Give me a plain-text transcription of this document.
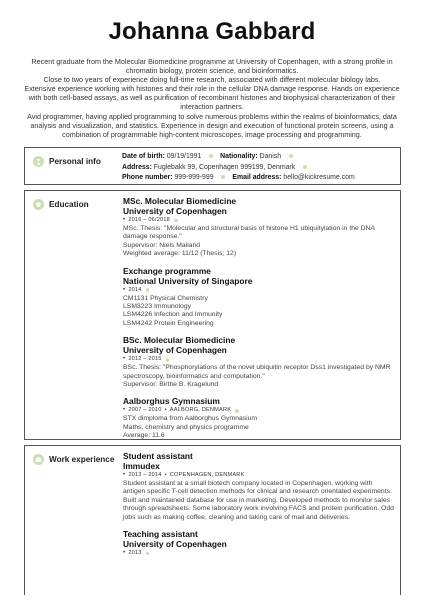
Johanna Gabbard

Recent graduate from the Molecular Biomedicine programme at University of Copenhagen, with a strong profile in chromatin biology, protein science, and bioinformatics.

Close to two years of experience doing full-time research, associated with different molecular biology labs.

Extensive experience working with histones and their role in the cellular DNA damage response. Hands on experience with both cell-based assays, as well as purification of recombinant histones and biophysical characterization of their interaction partners.

Avid programmer, having applied programming to solve numerous problems within the realms of bioinformatics, data analysis and visualization, and statistics. Experience in design and execution of functional protein screens, using a combination of programmable high-content microscopes, image processing and programming.

Personal info
Date of birth: 09/19/1991	Nationality: Danish
Address: Fuglebakk 99, Copenhagen 999199, Denmark
Phone number: 999-999-999	Email address: hello@kickresume.com
Education	MSc. Molecular Biomedicine
University of Copenhagen
• 2016 – 06/2018
MSc. Thesis: "Molecular and structural basis of histone H1 ubiquitylation in the DNA damage response."
Supervisor: Niels Mailand
Weighted average: 11/12 (Thesis; 12)
Exchange programme
National University of Singapore
• 2014
CM1131 Physical Chemistry
LSM3223 Immunology
LSM4226 Infection and Immunity
LSM4242 Protein Engineering
BSc. Molecular Biomedicine
University of Copenhagen
• 2012 – 2015
BSc. Thesis: "Phosphorylations of the novel ubiquitin receptor Dss1 investigated by NMR spectroscopy, bioinformatics and computation."
Supervisor: Birthe B. Kragelund
Aalborghus Gymnasium
• 2007 – 2010 • AALBORG, DENMARK
STX dimploma from Aalborghus Gymnasium
Maths, chemistry and physics programme
Average: 11.6
Work experience Student assistant
Immudex
• 2013 – 2014 • COPENHAGEN, DENMARK
Student assistant at a small biotech company located in Copenhagen, working with antigen specific T-cell detection methods for clinical and research orientated experiments. Built and maintained database for use in marketing. Developed methods to monitor sales through spreadsheets. Some laboratory work involving FACS and protein purification. Odd jobs such as making coffee, cleaning and taking care of mail and deliveries.
Teaching assistant
University of Copenhagen
• 2013
